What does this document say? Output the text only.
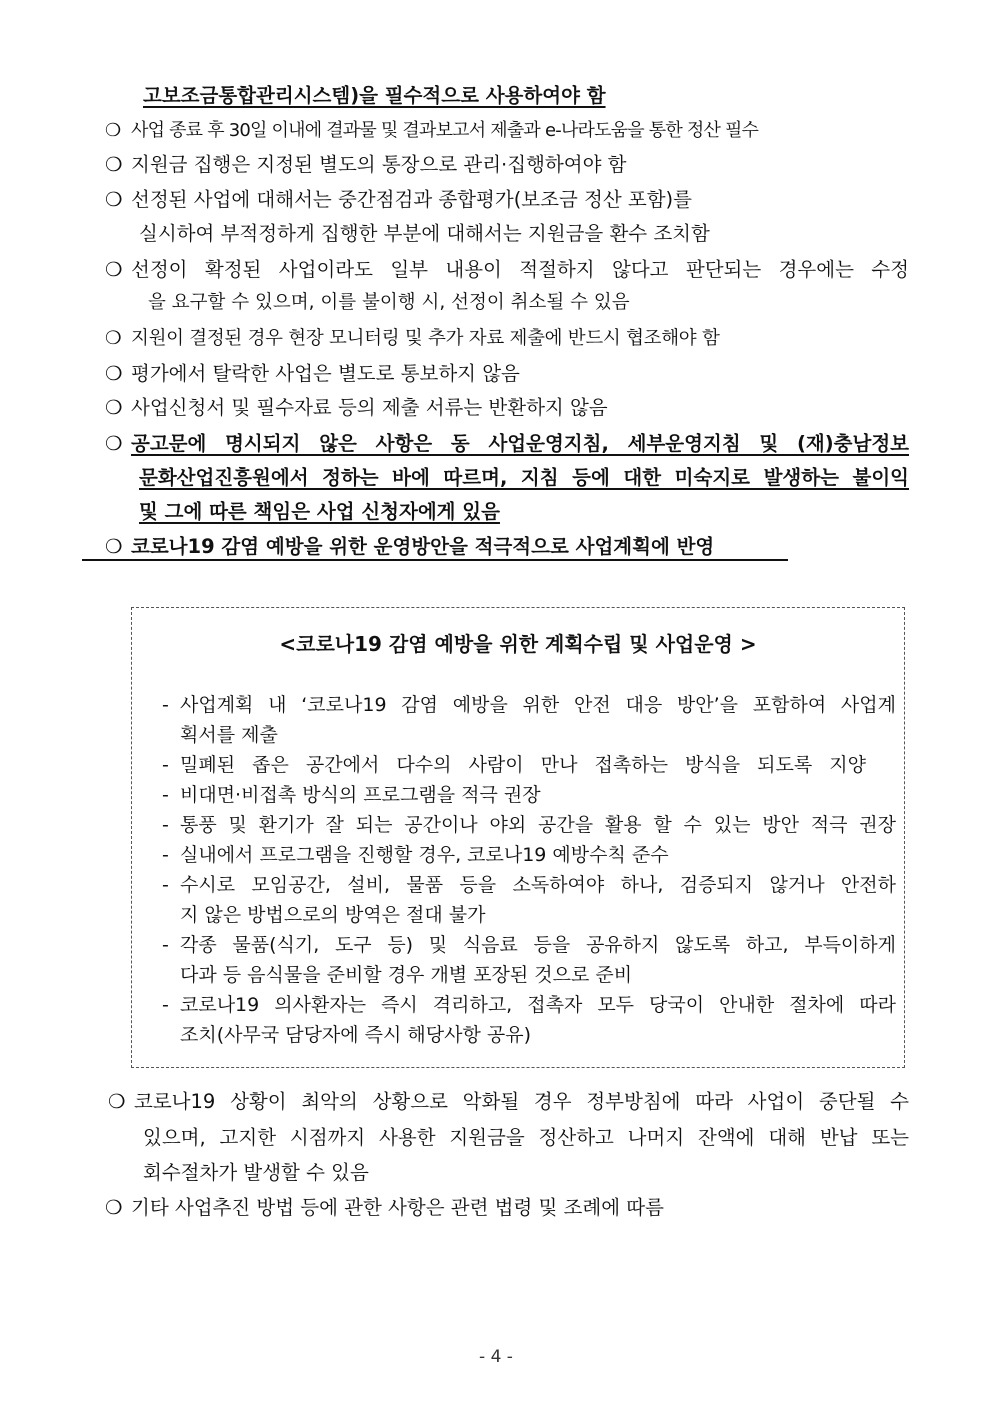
고보조금통합관리시스템)을 필수적으로 사용하여야 함
❍ 사업 종료 후 30일 이내에 결과물 및 결과보고서 제출과 e-나라도움을 통한 정산 필수
❍ 지원금 집행은 지정된 별도의 통장으로 관리·집행하여야 함
❍ 선정된 사업에 대해서는 중간점검과 종합평가(보조금 정산 포함)를
실시하여 부적정하게 집행한 부분에 대해서는 지원금을 환수 조치함
❍ 선정이 확정된 사업이라도 일부 내용이 적절하지 않다고 판단되는 경우에는 수정
을 요구할 수 있으며, 이를 불이행 시, 선정이 취소될 수 있음
❍ 지원이 결정된 경우 현장 모니터링 및 추가 자료 제출에 반드시 협조해야 함
❍ 평가에서 탈락한 사업은 별도로 통보하지 않음
❍ 사업신청서 및 필수자료 등의 제출 서류는 반환하지 않음
❍ 공고문에 명시되지 않은 사항은 동 사업운영지침, 세부운영지침 및 (재)충남정보
문화산업진흥원에서 정하는 바에 따르며, 지침 등에 대한 미숙지로 발생하는 불이익
및 그에 따른 책임은 사업 신청자에게 있음
❍ 코로나19 감염 예방을 위한 운영방안을 적극적으로 사업계획에 반영
<코로나19 감염 예방을 위한 계획수립 및 사업운영 >
- 사업계획 내 ‘코로나19 감염 예방을 위한 안전 대응 방안’을 포함하여 사업계
획서를 제출
- 밀폐된 좁은 공간에서 다수의 사람이 만나 접촉하는 방식을 되도록 지양
- 비대면·비접촉 방식의 프로그램을 적극 권장
- 통풍 및 환기가 잘 되는 공간이나 야외 공간을 활용 할 수 있는 방안 적극 권장
- 실내에서 프로그램을 진행할 경우, 코로나19 예방수칙 준수
- 수시로 모임공간, 설비, 물품 등을 소독하여야 하나, 검증되지 않거나 안전하
지 않은 방법으로의 방역은 절대 불가
- 각종 물품(식기, 도구 등) 및 식음료 등을 공유하지 않도록 하고, 부득이하게
다과 등 음식물을 준비할 경우 개별 포장된 것으로 준비
- 코로나19 의사환자는 즉시 격리하고, 접촉자 모두 당국이 안내한 절차에 따라
조치(사무국 담당자에 즉시 해당사항 공유)
❍ 코로나19 상황이 최악의 상황으로 악화될 경우 정부방침에 따라 사업이 중단될 수
있으며, 고지한 시점까지 사용한 지원금을 정산하고 나머지 잔액에 대해 반납 또는
회수절차가 발생할 수 있음
❍ 기타 사업추진 방법 등에 관한 사항은 관련 법령 및 조례에 따름
- 4 -
